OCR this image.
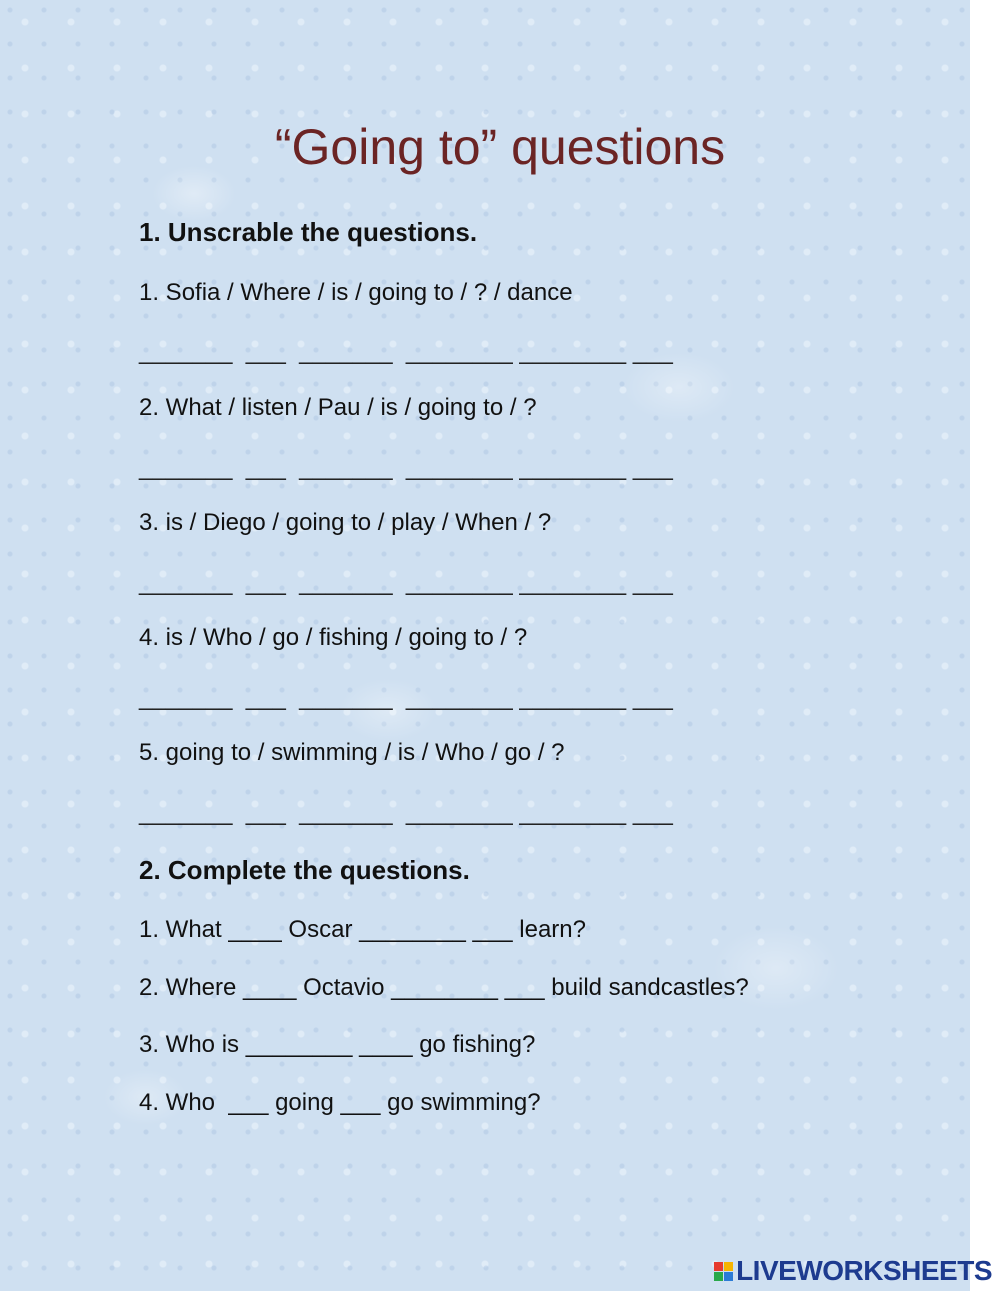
“Going to” questions

1. Unscrable the questions.

1. Sofia / Where / is / going to / ? / dance

_______  ___  _______  ________ ________ ___

2. What / listen / Pau / is / going to / ?

_______  ___  _______  ________ ________ ___

3. is / Diego / going to / play / When / ?

_______  ___  _______  ________ ________ ___

4. is / Who / go / fishing / going to / ?

_______  ___  _______  ________ ________ ___

5. going to / swimming / is / Who / go / ?

_______  ___  _______  ________ ________ ___

2. Complete the questions.

1. What ____ Oscar ________ ___ learn?

2. Where ____ Octavio ________ ___ build sandcastles?

3. Who is ________ ____ go fishing?

4. Who  ___ going ___ go swimming?

LIVEWORKSHEETS
